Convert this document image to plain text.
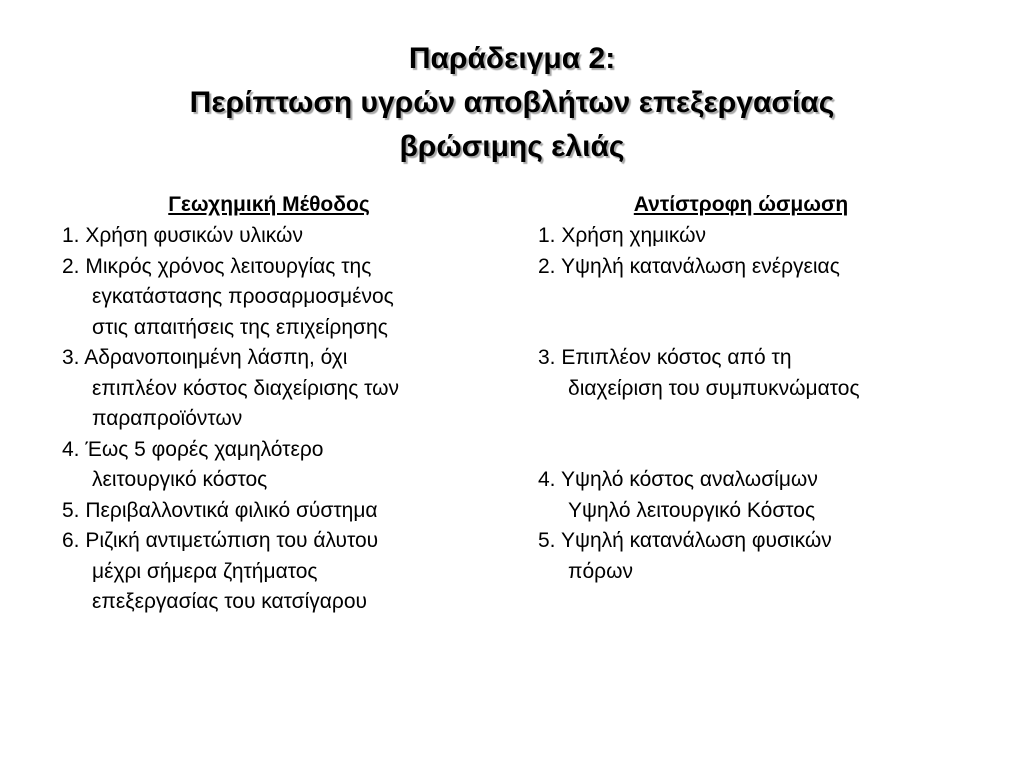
Παράδειγμα 2:
Περίπτωση υγρών αποβλήτων επεξεργασίας
βρώσιμης ελιάς
Γεωχημική Μέθοδος
1. Χρήση φυσικών υλικών
2. Μικρός χρόνος λειτουργίας της
εγκατάστασης προσαρμοσμένος
στις απαιτήσεις της επιχείρησης
3. Αδρανοποιημένη λάσπη, όχι
επιπλέον κόστος διαχείρισης των
παραπροϊόντων
4. Έως 5 φορές χαμηλότερο
λειτουργικό κόστος
5. Περιβαλλοντικά φιλικό σύστημα
6. Ριζική αντιμετώπιση του άλυτου
μέχρι σήμερα ζητήματος
επεξεργασίας του κατσίγαρου
Αντίστροφη ώσμωση
1. Χρήση χημικών
2. Υψηλή κατανάλωση ενέργειας
3. Επιπλέον κόστος από τη
διαχείριση του συμπυκνώματος
4. Υψηλό κόστος αναλωσίμων
Υψηλό λειτουργικό Κόστος
5. Υψηλή κατανάλωση φυσικών
πόρων
